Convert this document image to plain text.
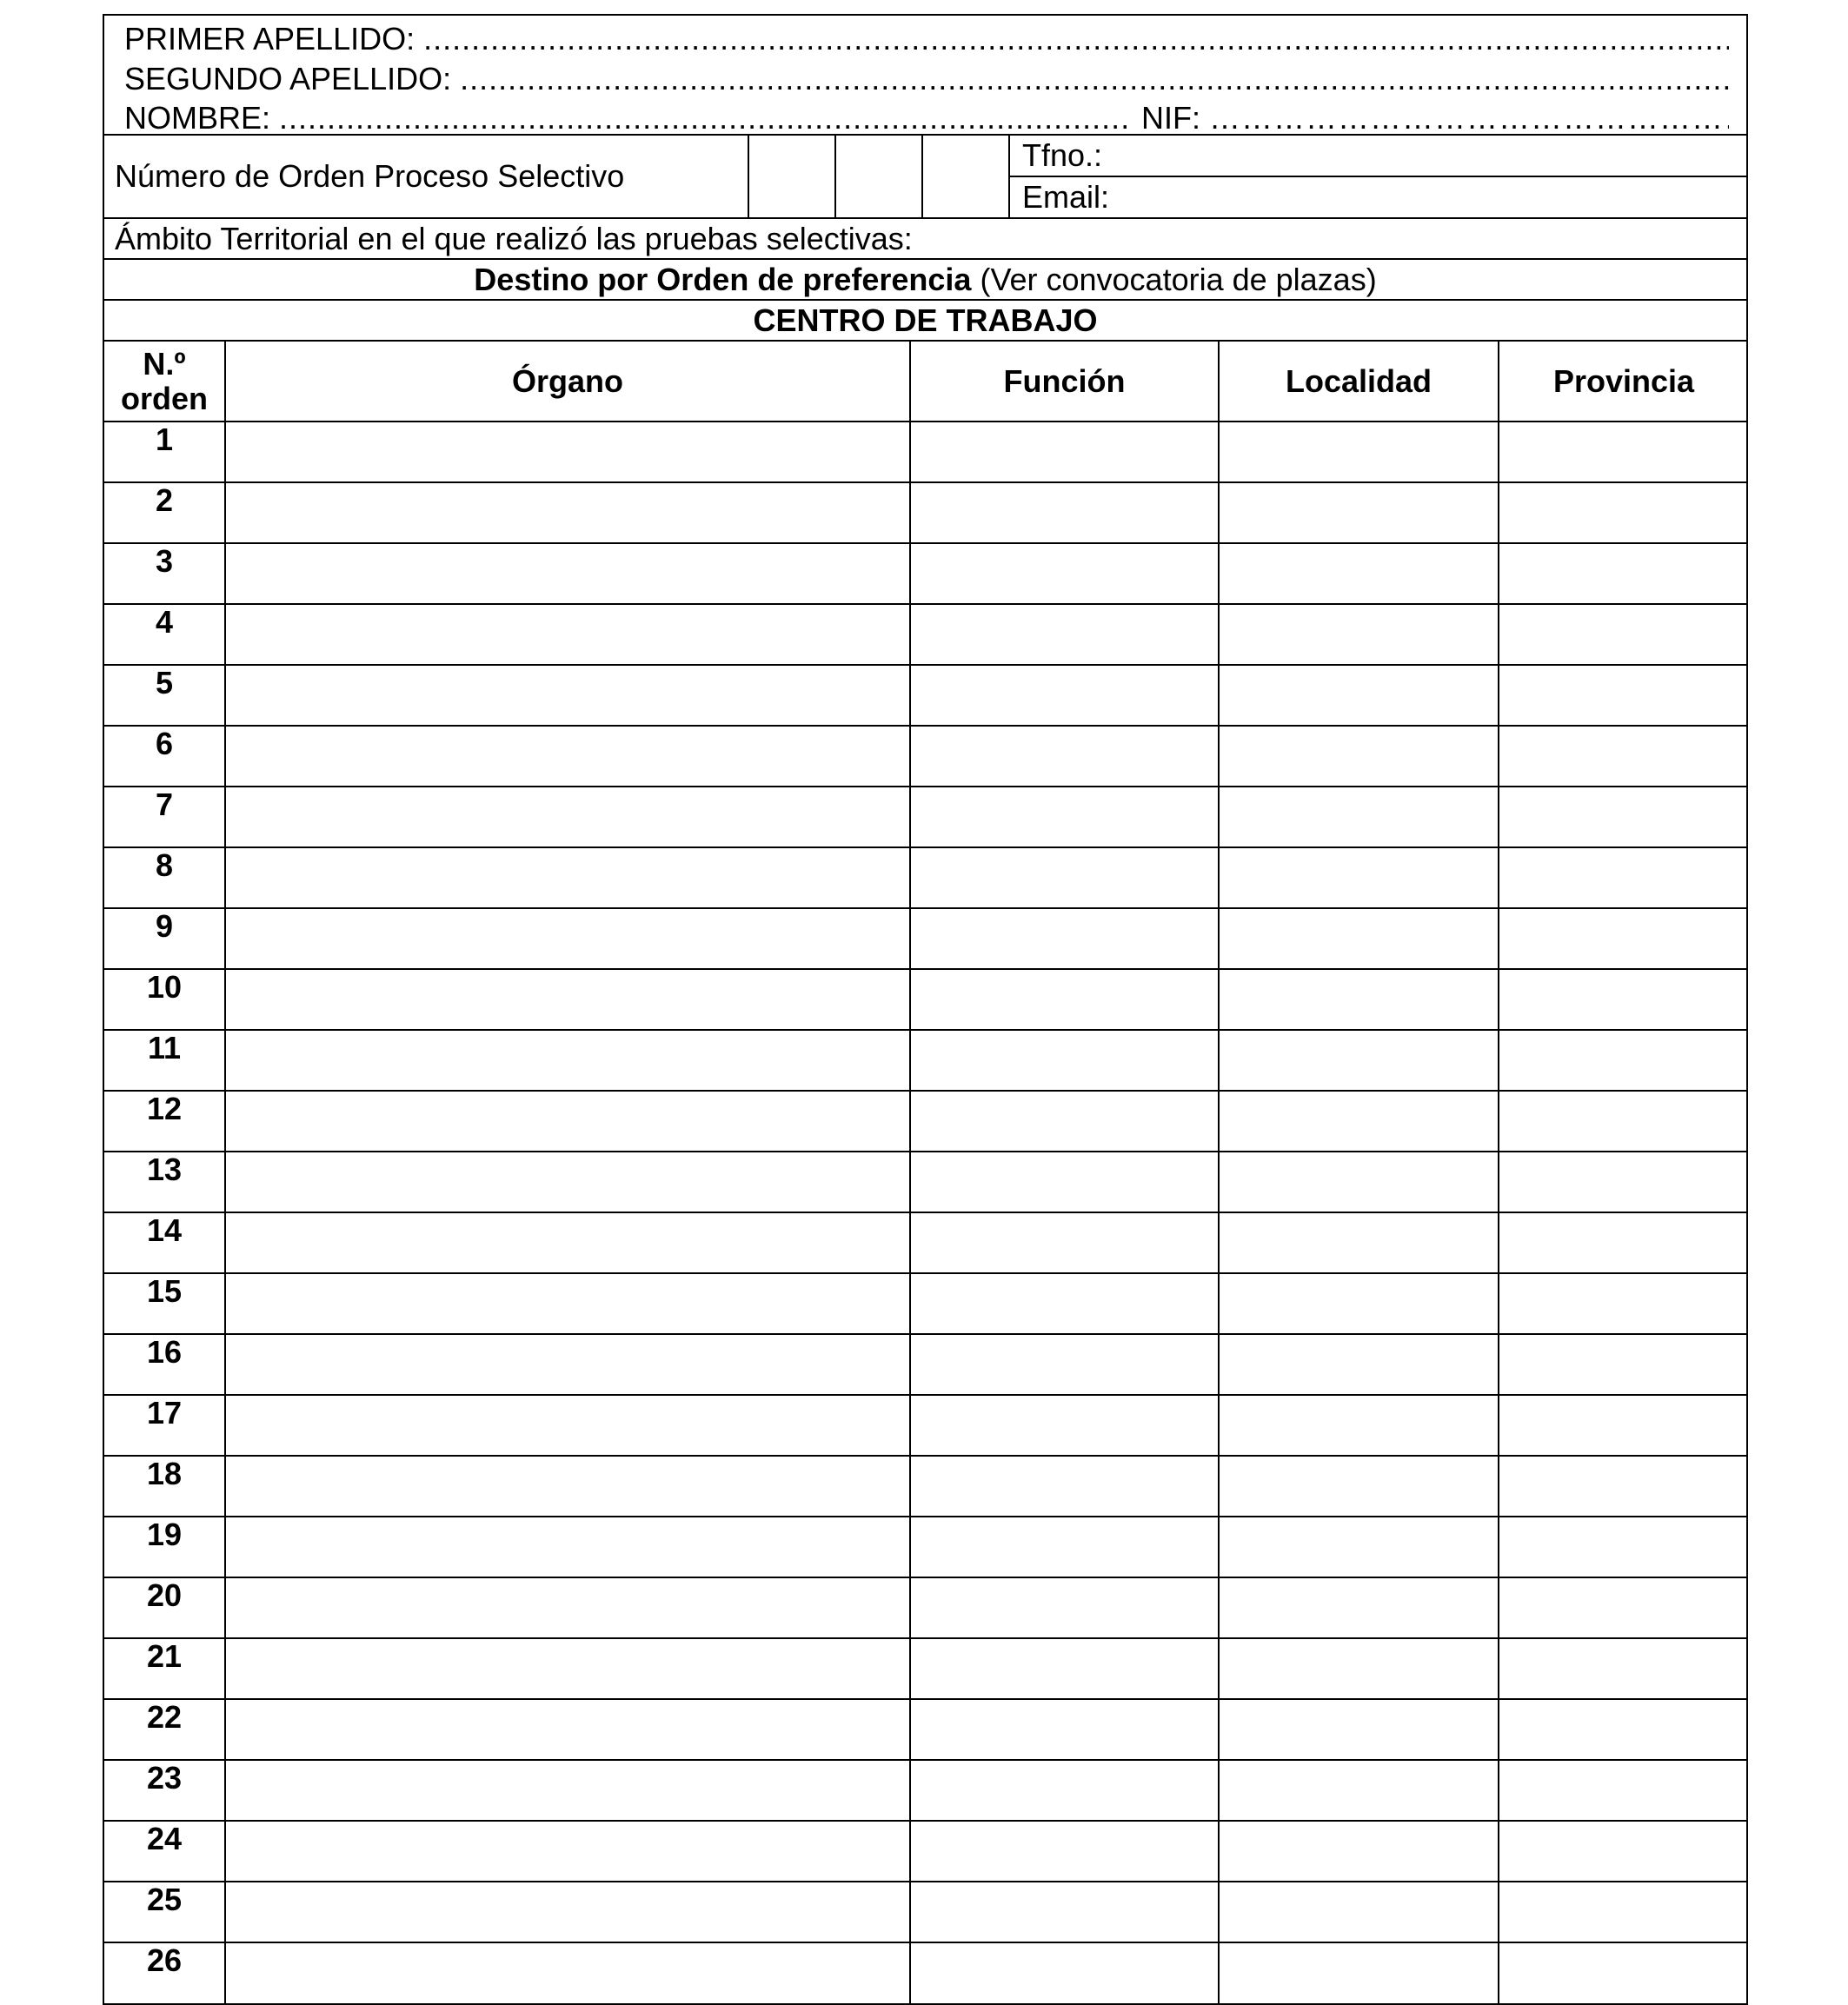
PRIMER APELLIDO:
.....
SEGUNDO APELLIDO:
.....
NOMBRE: .....	NIF:
…………………………………………………………..........
Número de Orden Proceso Selectivo
Tfno.:
Email:
Ámbito Territorial en el que realizó las pruebas selectivas:
Destino por Orden de preferencia
(Ver convocatoria de plazas)
CENTRO DE TRABAJO
N.º
orden	Órgano	Función	Localidad	Provincia
1				
2				
3				
4				
5				
6				
7				
8				
9				
10				
11				
12				
13				
14				
15				
16				
17				
18				
19				
20				
21				
22				
23				
24				
25				
26				
